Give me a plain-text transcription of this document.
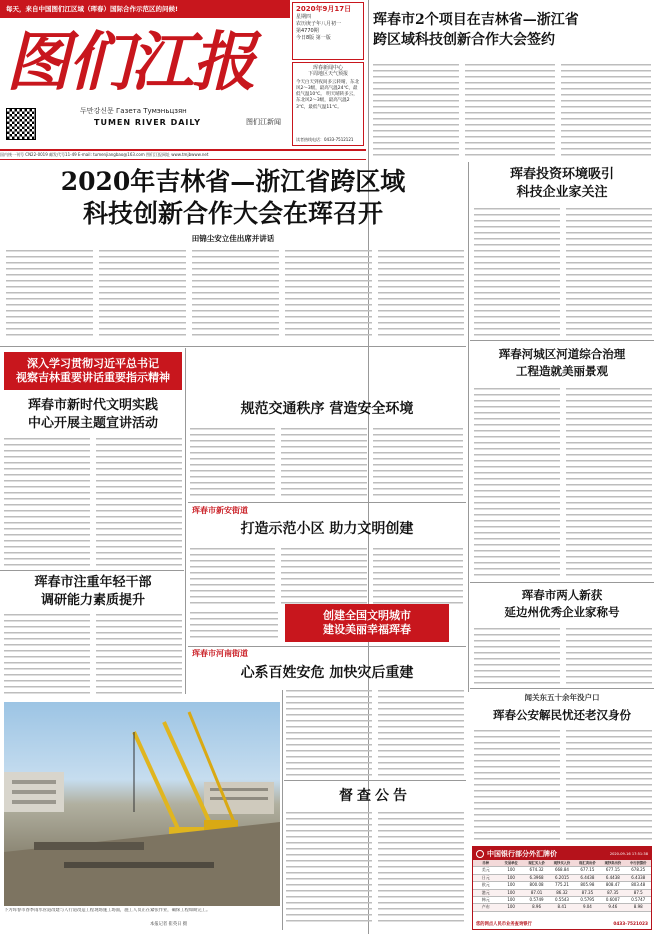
每天，来自中国图们江区域（珲春）国际合作示范区的问候!
图们江报
두만강신문 Газета Тумэньцзян
TUMEN RIVER DAILY	图们江新闻
2020年9月17日
星期四
农历庚子年八月初一
第4770期
今日8版 第一版
珲春新闻中心
下周地区天气预报
今天白天到夜间多云转晴，东北风2～3级，最高气温24℃，最低气温10℃。 明天晴转多云，东北风2～3级，最高气温23℃，最低气温11℃。
读者热线电话：0433-7512121
国内统一刊号 CN22-0019 邮发代号11-49 E-mail: tumenjiangbao@163.com 图们江报网址 www.tmjbwww.net
珲春市2个项目在吉林省—浙江省
跨区域科技创新合作大会签约
2020年吉林省—浙江省跨区域
科技创新合作大会在珲召开
田锦尘安立佳出席并讲话
深入学习贯彻习近平总书记
视察吉林重要讲话重要指示精神
珲春市新时代文明实践
中心开展主题宣讲活动
珲春市注重年轻干部
调研能力素质提升
规范交通秩序 营造安全环境
珲春市新安街道
打造示范小区 助力文明创建
创建全国文明城市
建设美丽幸福珲春
珲春市河南街道
心系百姓安危 加快灾后重建
下为珲春市春季雨水管道改建与人行道改造工程现场施工场面，施工人员正在紧张作业，确保工程如期完工。
本报记者 崔英日 摄
督查公告
珲春投资环境吸引
科技企业家关注
珲春河城区河道综合治理
工程造就美丽景观
珲春市两人新获
延边州优秀企业家称号
闻关东五十余年没户口
珲春公安解民忧还老汉身份
中国银行部分外汇牌价	2020-09-16 17:51:38
币种	交易单位	现汇买入价	现钞买入价	现汇卖出价	现钞卖出价	中行折算价
美元	100	674.32	668.84	677.15	677.15	678.25
日元	100	6.3968	6.2015	6.4438	6.4438	6.4338
欧元	100	800.08	775.21	805.98	808.47	803.48
港元	100	87.01	86.32	87.35	87.35	87.5
韩元	100	0.5749	0.5543	0.5795	0.6007	0.5747
卢布	100	8.96	8.41	9.04	9.46	8.98
您的网点人民币业务查询银行	0433-7521023
